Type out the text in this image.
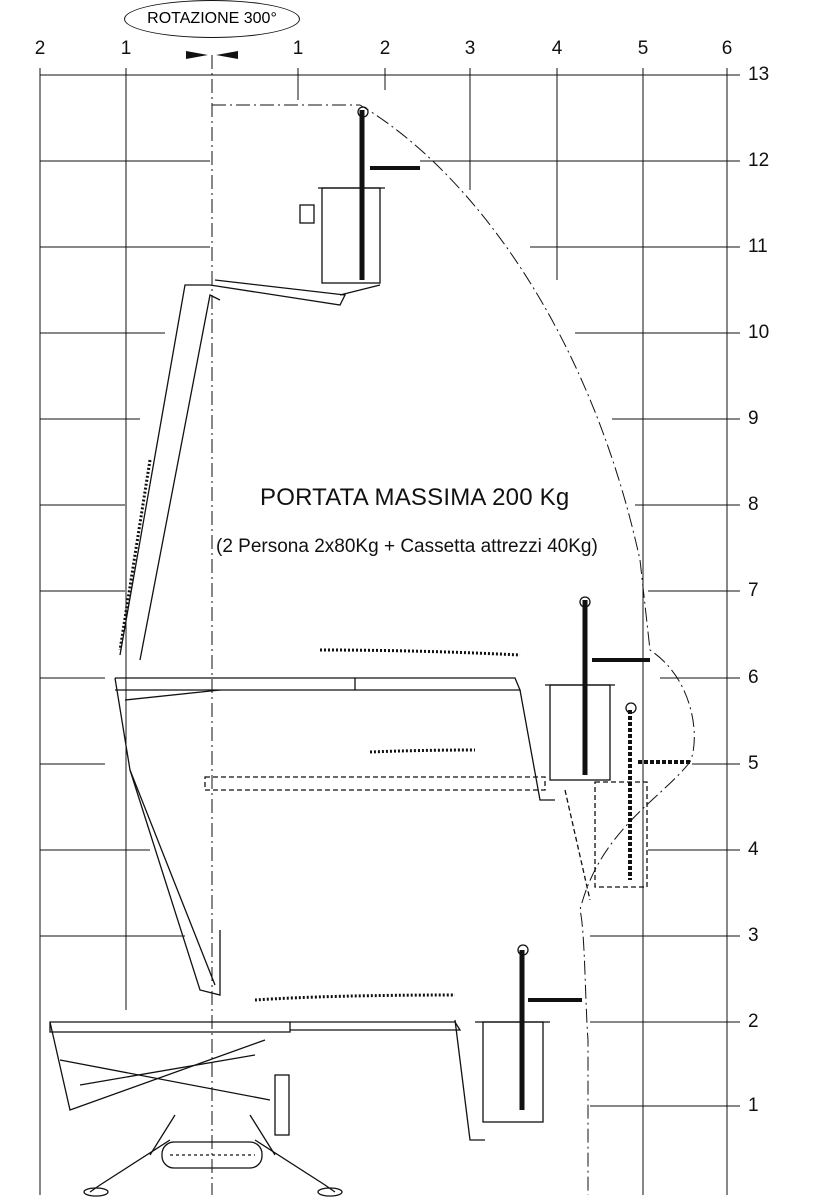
ROTAZIONE 300°
2	1	1	2	3	4	5	6
13
12
11
10
9
8
7
6
5
4
3
2
1
PORTATA MASSIMA 200 Kg
(2 Persona 2x80Kg + Cassetta attrezzi 40Kg)
